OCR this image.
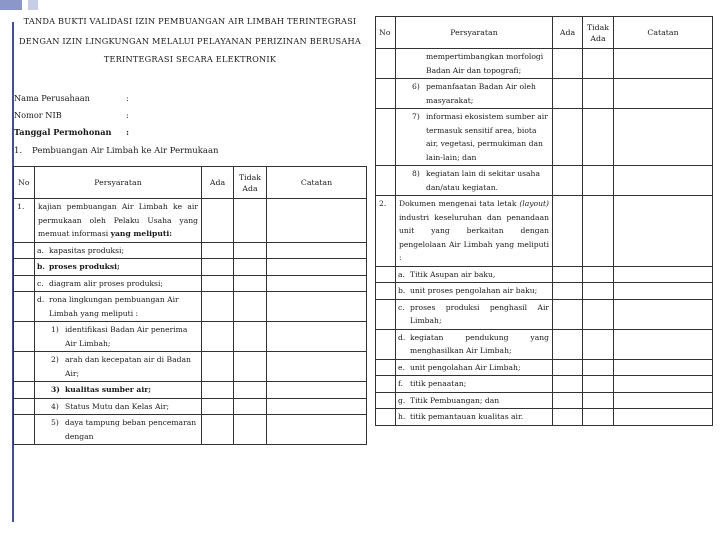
TANDA BUKTI VALIDASI IZIN PEMBUANGAN AIR LIMBAH TERINTEGRASI
DENGAN IZIN LINGKUNGAN MELALUI PELAYANAN PERIZINAN BERUSAHA
TERINTEGRASI SECARA ELEKTRONIK
Nama Perusahaan	:
Nomor NIB	:
Tanggal Permohonan :
1. Pembuangan Air Limbah ke Air Permukaan
No	Persyaratan	Ada	Tidak Ada	Catatan
1.	kajian pembuangan Air Limbah ke air permukaan oleh Pelaku Usaha yang memuat informasi yang meliputi:			

	a. kapasitas produksi;			

	b. proses produksi;			

	c. diagram alir proses produksi;			

	d. rona lingkungan pembuangan Air Limbah yang meliputi :			

	1) identifikasi Badan Air penerima Air Limbah;			

	2) arah dan kecepatan air di Badan Air;			

	3) kualitas sumber air;			

	4) Status Mutu dan Kelas Air;			

	5) daya tampung beban pencemaran dengan			
No	Persyaratan	Ada	Tidak Ada	Catatan
	mempertimbangkan morfologi Badan Air dan topografi;			

	6) pemanfaatan Badan Air oleh masyarakat;			

	7) informasi ekosistem sumber air termasuk sensitif area, biota air, vegetasi, permukiman dan lain-lain; dan			

	8) kegiatan lain di sekitar usaha dan/atau kegiatan.			
2.	Dokumen mengenai tata letak (layout) industri keseluruhan dan penandaan unit yang berkaitan dengan pengelolaan Air Limbah yang meliputi :			

	a. Titik Asupan air baku,			

	b. unit proses pengolahan air baku;			

	c. proses produksi penghasil Air Limbah;			

	d. kegiatan pendukung yang menghasilkan Air Limbah;			

	e. unit pengolahan Air Limbah;			

	f. titik penaatan;			

	g. Titik Pembuangan; dan			

	h. titik pemantauan kualitas air.			
